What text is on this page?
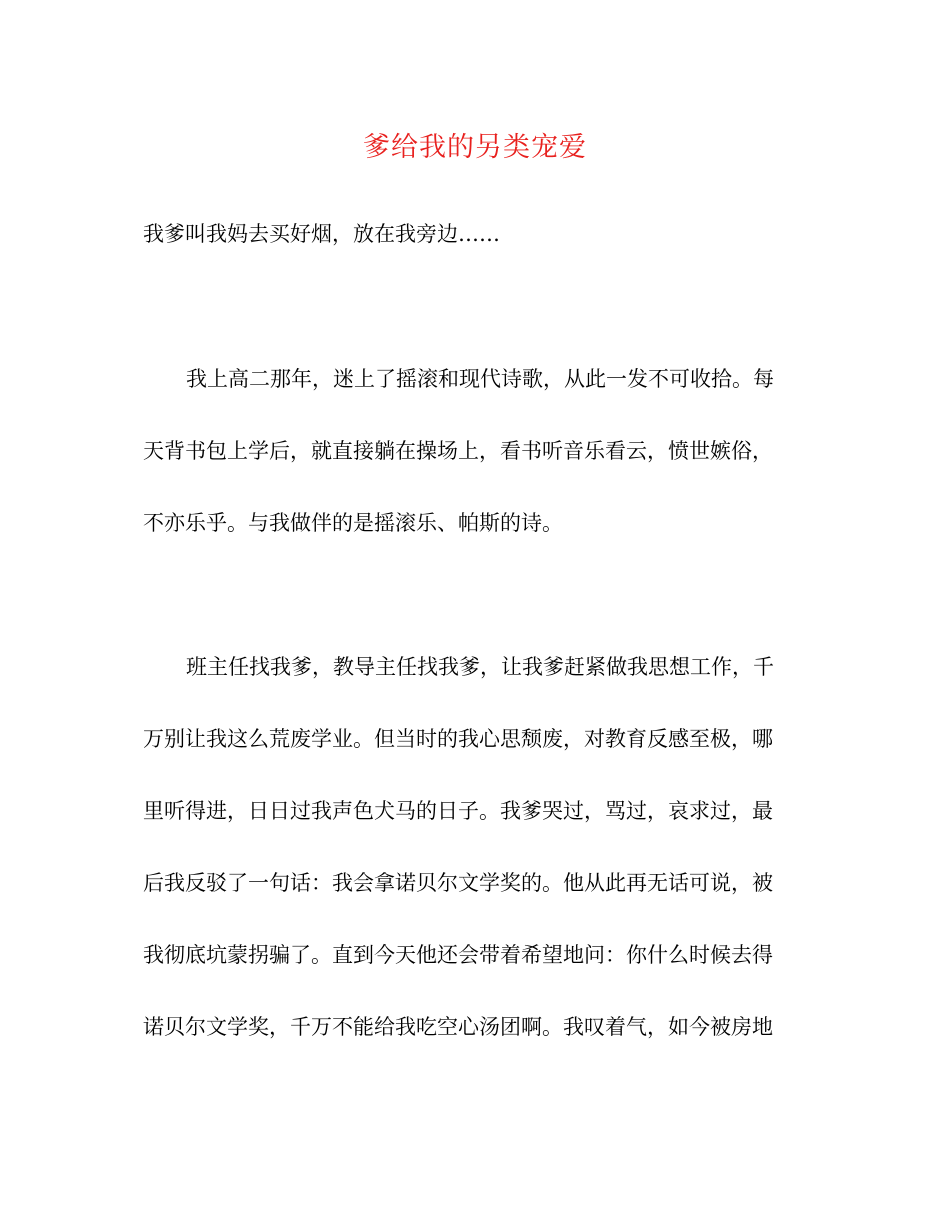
爹给我的另类宠爱
我爹叫我妈去买好烟，放在我旁边……
我上高二那年，迷上了摇滚和现代诗歌，从此一发不可收拾。每
天背书包上学后，就直接躺在操场上，看书听音乐看云，愤世嫉俗，
不亦乐乎。与我做伴的是摇滚乐、帕斯的诗。
班主任找我爹，教导主任找我爹，让我爹赶紧做我思想工作，千
万别让我这么荒废学业。但当时的我心思颓废，对教育反感至极，哪
里听得进，日日过我声色犬马的日子。我爹哭过，骂过，哀求过，最
后我反驳了一句话：我会拿诺贝尔文学奖的。他从此再无话可说，被
我彻底坑蒙拐骗了。直到今天他还会带着希望地问：你什么时候去得
诺贝尔文学奖，千万不能给我吃空心汤团啊。我叹着气，如今被房地
